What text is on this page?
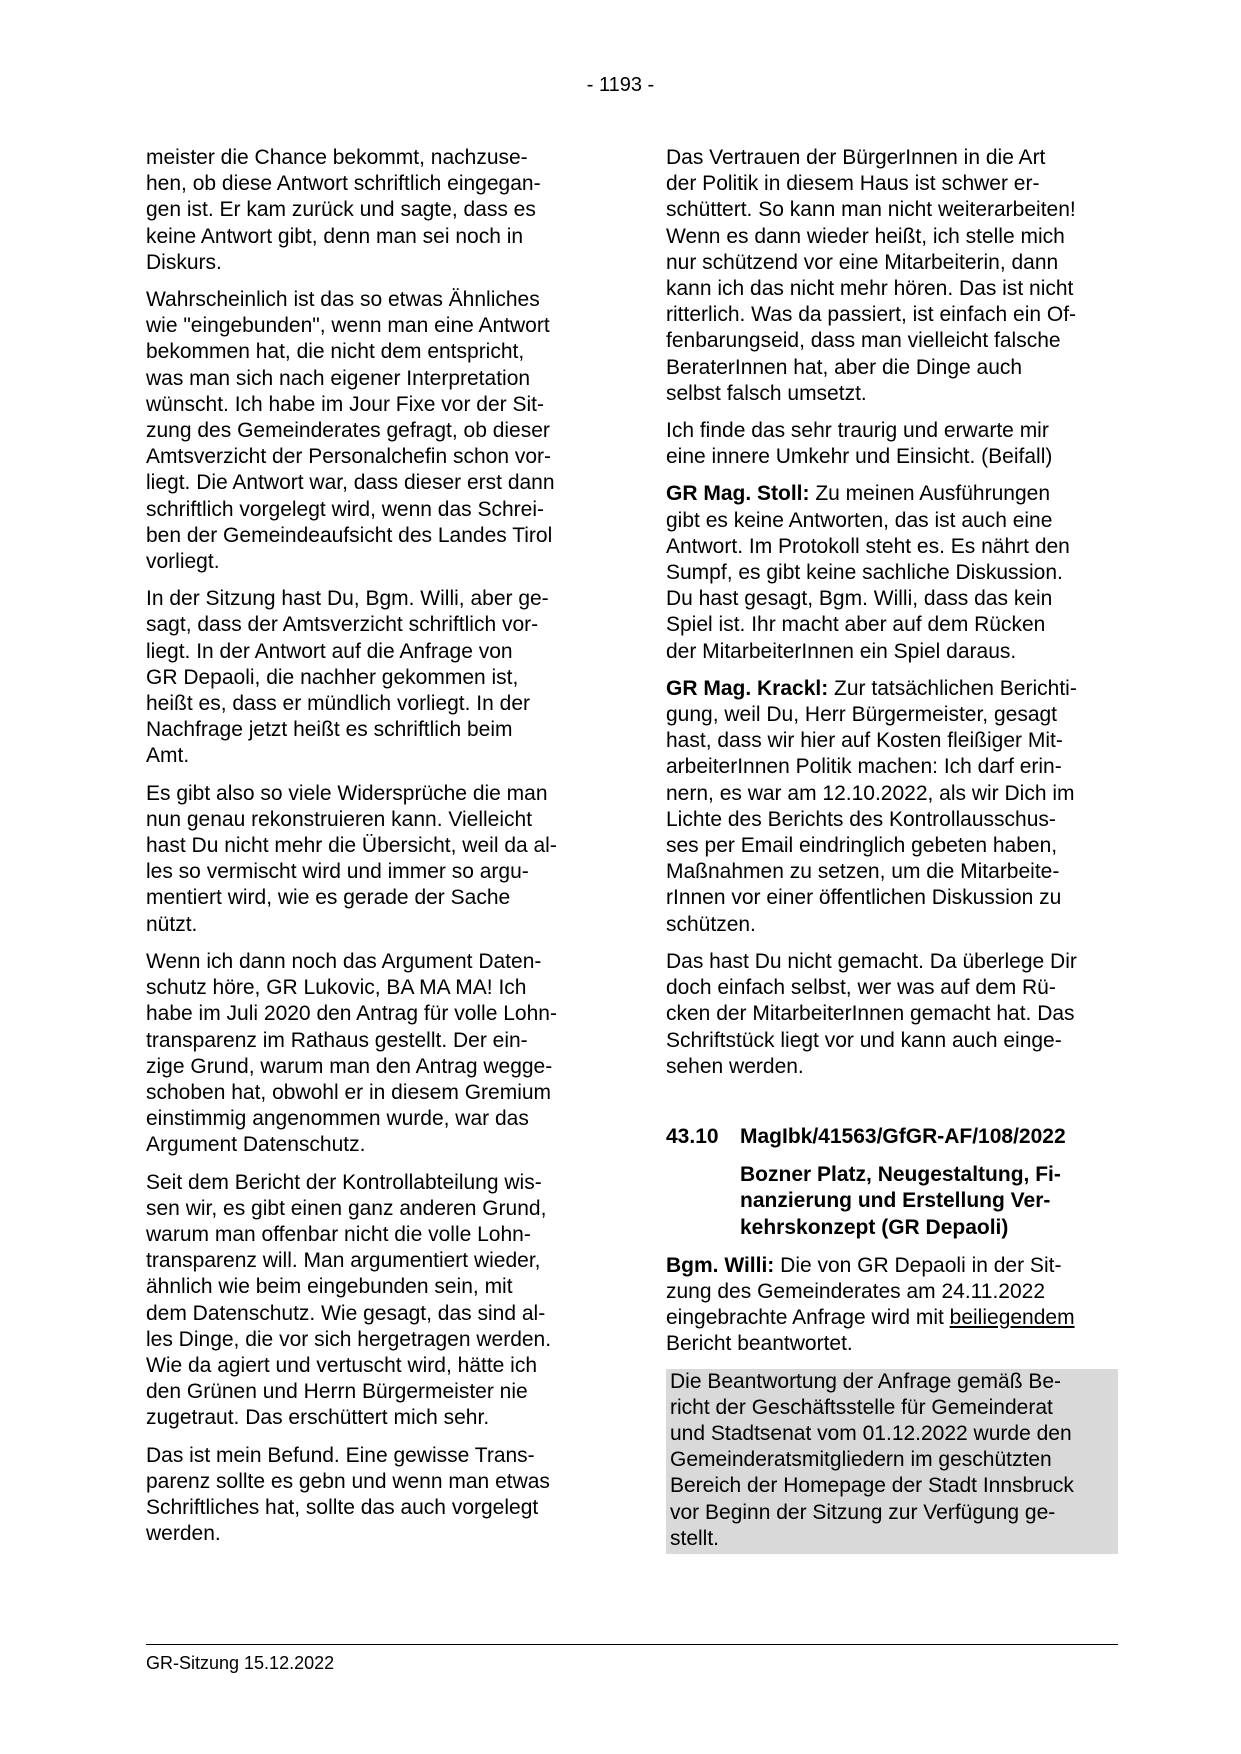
- 1193 -

meister die Chance bekommt, nachzuse-
hen, ob diese Antwort schriftlich eingegan-
gen ist. Er kam zurück und sagte, dass es
keine Antwort gibt, denn man sei noch in
Diskurs.

Wahrscheinlich ist das so etwas Ähnliches
wie "eingebunden", wenn man eine Antwort
bekommen hat, die nicht dem entspricht,
was man sich nach eigener Interpretation
wünscht. Ich habe im Jour Fixe vor der Sit-
zung des Gemeinderates gefragt, ob dieser
Amtsverzicht der Personalchefin schon vor-
liegt. Die Antwort war, dass dieser erst dann
schriftlich vorgelegt wird, wenn das Schrei-
ben der Gemeindeaufsicht des Landes Tirol
vorliegt.

In der Sitzung hast Du, Bgm. Willi, aber ge-
sagt, dass der Amtsverzicht schriftlich vor-
liegt. In der Antwort auf die Anfrage von
GR Depaoli, die nachher gekommen ist,
heißt es, dass er mündlich vorliegt. In der
Nachfrage jetzt heißt es schriftlich beim
Amt.

Es gibt also so viele Widersprüche die man
nun genau rekonstruieren kann. Vielleicht
hast Du nicht mehr die Übersicht, weil da al-
les so vermischt wird und immer so argu-
mentiert wird, wie es gerade der Sache
nützt.

Wenn ich dann noch das Argument Daten-
schutz höre, GR Lukovic, BA MA MA! Ich
habe im Juli 2020 den Antrag für volle Lohn-
transparenz im Rathaus gestellt. Der ein-
zige Grund, warum man den Antrag wegge-
schoben hat, obwohl er in diesem Gremium
einstimmig angenommen wurde, war das
Argument Datenschutz.

Seit dem Bericht der Kontrollabteilung wis-
sen wir, es gibt einen ganz anderen Grund,
warum man offenbar nicht die volle Lohn-
transparenz will. Man argumentiert wieder,
ähnlich wie beim eingebunden sein, mit
dem Datenschutz. Wie gesagt, das sind al-
les Dinge, die vor sich hergetragen werden.
Wie da agiert und vertuscht wird, hätte ich
den Grünen und Herrn Bürgermeister nie
zugetraut. Das erschüttert mich sehr.

Das ist mein Befund. Eine gewisse Trans-
parenz sollte es gebn und wenn man etwas
Schriftliches hat, sollte das auch vorgelegt
werden.

Das Vertrauen der BürgerInnen in die Art
der Politik in diesem Haus ist schwer er-
schüttert. So kann man nicht weiterarbeiten!
Wenn es dann wieder heißt, ich stelle mich
nur schützend vor eine Mitarbeiterin, dann
kann ich das nicht mehr hören. Das ist nicht
ritterlich. Was da passiert, ist einfach ein Of-
fenbarungseid, dass man vielleicht falsche
BeraterInnen hat, aber die Dinge auch
selbst falsch umsetzt.

Ich finde das sehr traurig und erwarte mir
eine innere Umkehr und Einsicht. (Beifall)

GR Mag. Stoll: Zu meinen Ausführungen
gibt es keine Antworten, das ist auch eine
Antwort. Im Protokoll steht es. Es nährt den
Sumpf, es gibt keine sachliche Diskussion.
Du hast gesagt, Bgm. Willi, dass das kein
Spiel ist. Ihr macht aber auf dem Rücken
der MitarbeiterInnen ein Spiel daraus.

GR Mag. Krackl: Zur tatsächlichen Berichti-
gung, weil Du, Herr Bürgermeister, gesagt
hast, dass wir hier auf Kosten fleißiger Mit-
arbeiterInnen Politik machen: Ich darf erin-
nern, es war am 12.10.2022, als wir Dich im
Lichte des Berichts des Kontrollausschus-
ses per Email eindringlich gebeten haben,
Maßnahmen zu setzen, um die Mitarbeite-
rInnen vor einer öffentlichen Diskussion zu
schützen.

Das hast Du nicht gemacht. Da überlege Dir
doch einfach selbst, wer was auf dem Rü-
cken der MitarbeiterInnen gemacht hat. Das
Schriftstück liegt vor und kann auch einge-
sehen werden.

43.10	MagIbk/41563/GfGR-AF/108/2022
Bozner Platz, Neugestaltung, Fi-
nanzierung und Erstellung Ver-
kehrskonzept (GR Depaoli)

Bgm. Willi: Die von GR Depaoli in der Sit-
zung des Gemeinderates am 24.11.2022
eingebrachte Anfrage wird mit beiliegendem
Bericht beantwortet.

Die Beantwortung der Anfrage gemäß Be-
richt der Geschäftsstelle für Gemeinderat
und Stadtsenat vom 01.12.2022 wurde den
Gemeinderatsmitgliedern im geschützten
Bereich der Homepage der Stadt Innsbruck
vor Beginn der Sitzung zur Verfügung ge-
stellt.
GR-Sitzung 15.12.2022
